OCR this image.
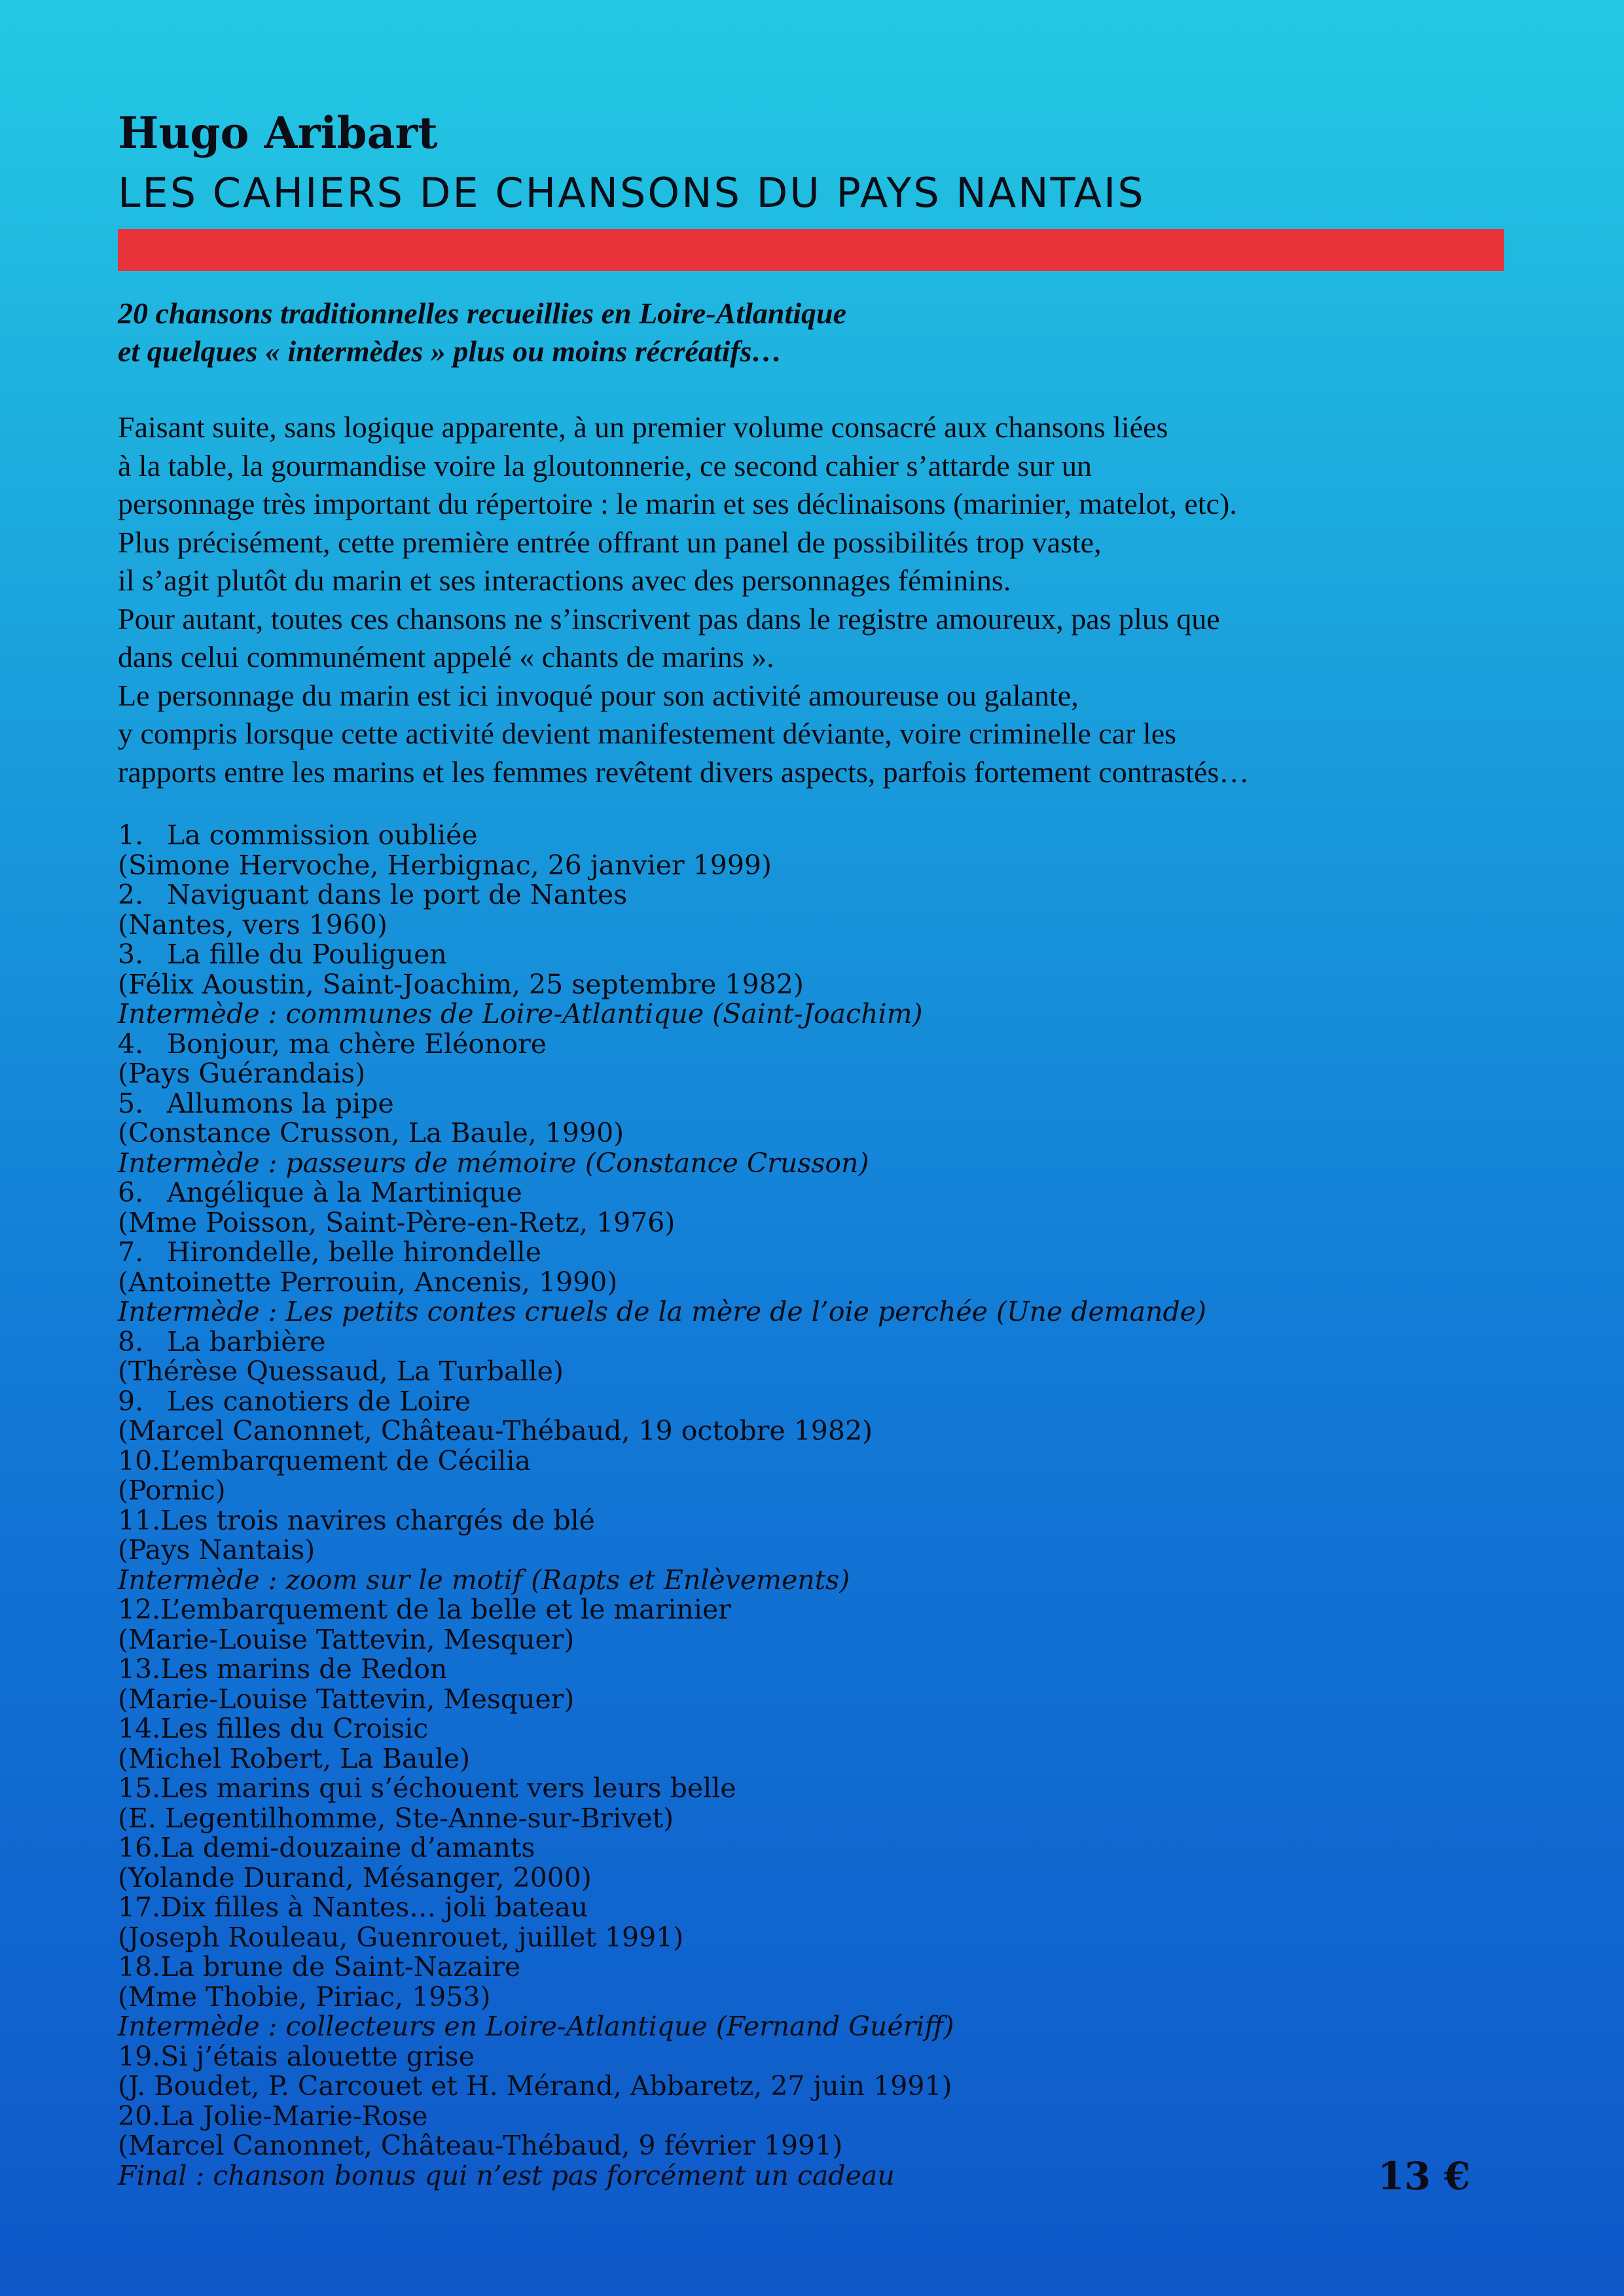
Hugo Aribart
LES CAHIERS DE CHANSONS DU PAYS NANTAIS

20 chansons traditionnelles recueillies en Loire-Atlantique
et quelques « intermèdes » plus ou moins récréatifs…

Faisant suite, sans logique apparente, à un premier volume consacré aux chansons liées
à la table, la gourmandise voire la gloutonnerie, ce second cahier s’attarde sur un
personnage très important du répertoire : le marin et ses déclinaisons (marinier, matelot, etc).
Plus précisément, cette première entrée offrant un panel de possibilités trop vaste,
il s’agit plutôt du marin et ses interactions avec des personnages féminins.
Pour autant, toutes ces chansons ne s’inscrivent pas dans le registre amoureux, pas plus que
dans celui communément appelé « chants de marins ».
Le personnage du marin est ici invoqué pour son activité amoureuse ou galante,
y compris lorsque cette activité devient manifestement déviante, voire criminelle car les
rapports entre les marins et les femmes revêtent divers aspects, parfois fortement contrastés…

1. La commission oubliée
(Simone Hervoche, Herbignac, 26 janvier 1999)
2. Naviguant dans le port de Nantes
(Nantes, vers 1960)
3. La fille du Pouliguen
(Félix Aoustin, Saint-Joachim, 25 septembre 1982)
Intermède : communes de Loire-Atlantique (Saint-Joachim)
4. Bonjour, ma chère Eléonore
(Pays Guérandais)
5. Allumons la pipe
(Constance Crusson, La Baule, 1990)
Intermède : passeurs de mémoire (Constance Crusson)
6. Angélique à la Martinique
(Mme Poisson, Saint-Père-en-Retz, 1976)
7. Hirondelle, belle hirondelle
(Antoinette Perrouin, Ancenis, 1990)
Intermède : Les petits contes cruels de la mère de l’oie perchée (Une demande)
8. La barbière
(Thérèse Quessaud, La Turballe)
9. Les canotiers de Loire
(Marcel Canonnet, Château-Thébaud, 19 octobre 1982)
10.L’embarquement de Cécilia
(Pornic)
11.Les trois navires chargés de blé
(Pays Nantais)
Intermède : zoom sur le motif (Rapts et Enlèvements)
12.L’embarquement de la belle et le marinier
(Marie-Louise Tattevin, Mesquer)
13.Les marins de Redon
(Marie-Louise Tattevin, Mesquer)
14.Les filles du Croisic
(Michel Robert, La Baule)
15.Les marins qui s’échouent vers leurs belle
(E. Legentilhomme, Ste-Anne-sur-Brivet)
16.La demi-douzaine d’amants
(Yolande Durand, Mésanger, 2000)
17.Dix filles à Nantes… joli bateau
(Joseph Rouleau, Guenrouet, juillet 1991)
18.La brune de Saint-Nazaire
(Mme Thobie, Piriac, 1953)
Intermède : collecteurs en Loire-Atlantique (Fernand Guériff)
19.Si j’étais alouette grise
(J. Boudet, P. Carcouet et H. Mérand, Abbaretz, 27 juin 1991)
20.La Jolie-Marie-Rose
(Marcel Canonnet, Château-Thébaud, 9 février 1991)
Final : chanson bonus qui n’est pas forcément un cadeau	13 €
